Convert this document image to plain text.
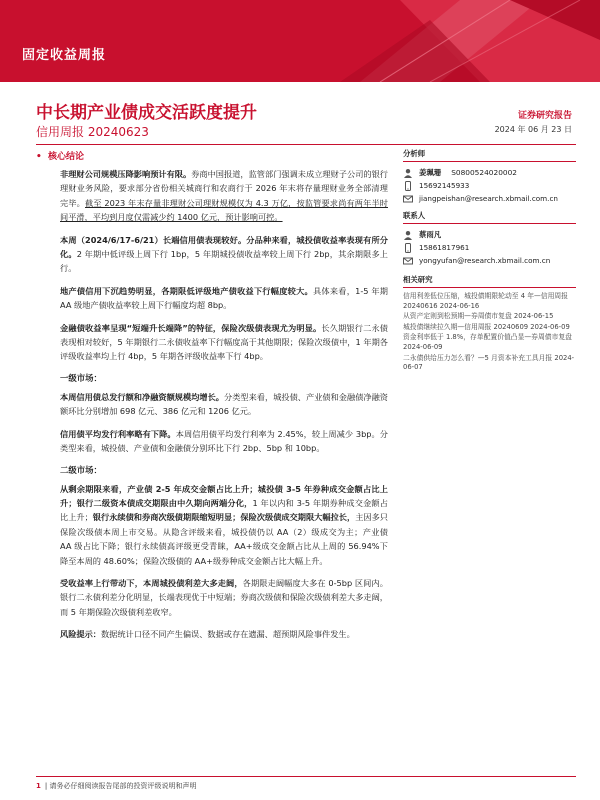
固定收益周报
中长期产业债成交活跃度提升
信用周报 20240623
证券研究报告
2024 年 06 月 23 日
•  核心结论

非理财公司规模压降影响预计有限。券商中国报道，监管部门强调未成立理财子公司的银行理财业务风险，要求部分省份相关城商行和农商行于 2026 年末将存量理财业务全部清理完毕。截至 2023 年末存量非理财公司理财规模仅为 4.3 万亿，按监管要求尚有两年半时间平滑，平均到月度仅需减少约 1400 亿元，预计影响可控。

本周（2024/6/17-6/21）长端信用债表现较好。分品种来看，城投债收益率表现有所分化。2 年期中低评级上周下行 1bp，5 年期城投债收益率较上周下行 2bp，其余期限多上行。

地产债信用下沉趋势明显，各期限低评级地产债收益下行幅度较大。具体来看，1-5 年期 AA 级地产债收益率较上周下行幅度均超 8bp。

金融债收益率呈现“短端升长端降”的特征，保险次级债表现尤为明显。长久期银行二永债表现相对较好，5 年期银行二永债收益率下行幅度高于其他期限；保险次级债中，1 年期各评级收益率均上行 4bp，5 年期各评级收益率下行 4bp。

一级市场：

本周信用债总发行额和净融资额规模均增长。分类型来看，城投债、产业债和金融债净融资额环比分别增加 698 亿元、386 亿元和 1206 亿元。

信用债平均发行利率略有下降。本周信用债平均发行利率为 2.45%，较上周减少 3bp。分类型来看，城投债、产业债和金融债分别环比下行 2bp、5bp 和 10bp。

二级市场：

从剩余期限来看，产业债 2-5 年成交金额占比上升；城投债 3-5 年券种成交金额占比上升；银行二级资本债成交期限由中久期向两端分化，1 年以内和 3-5 年期券种成交金额占比上升；银行永续债和券商次级债期限缩短明显；保险次级债成交期限大幅拉长，主因多只保险次级债本周上市交易。从隐含评级来看，城投债仍以 AA（2）级成交为主；产业债 AA 级占比下降；银行永续债高评级更受青睐，AA+级成交金额占比从上周的 56.94%下降至本周的 48.60%；保险次级债的 AA+级券种成交金额占比大幅上升。

受收益率上行带动下，本周城投债利差大多走阔，各期限走阔幅度大多在 0-5bp 区间内。银行二永债利差分化明显，长端表现优于中短端；券商次级债和保险次级债利差大多走阔，而 5 年期保险次级债利差收窄。

风险提示：数据统计口径不同产生偏误、数据或存在遗漏、超预期风险事件发生。

分析师
姜珮珊 S0800524020002
15692145933
jiangpeishan@research.xbmail.com.cn
联系人
蔡雨凡
15861817961
yongyufan@research.xbmail.com.cn
相关研究
信用利差低位压缩，城投债期限轮动至 4 年—信用周报 20240616 2024-06-16
从资产定则到松预期—券周债市复盘 2024-06-15
城投债继续拉久期—信用周报 20240609 2024-06-09
资金利率低于 1.8%，存单配置价值凸显—券周债市复盘 2024-06-09
二永债供给压力怎么看？—5 月资本补充工具月报 2024-06-07
1 | 请务必仔细阅读报告尾部的投资评级说明和声明
